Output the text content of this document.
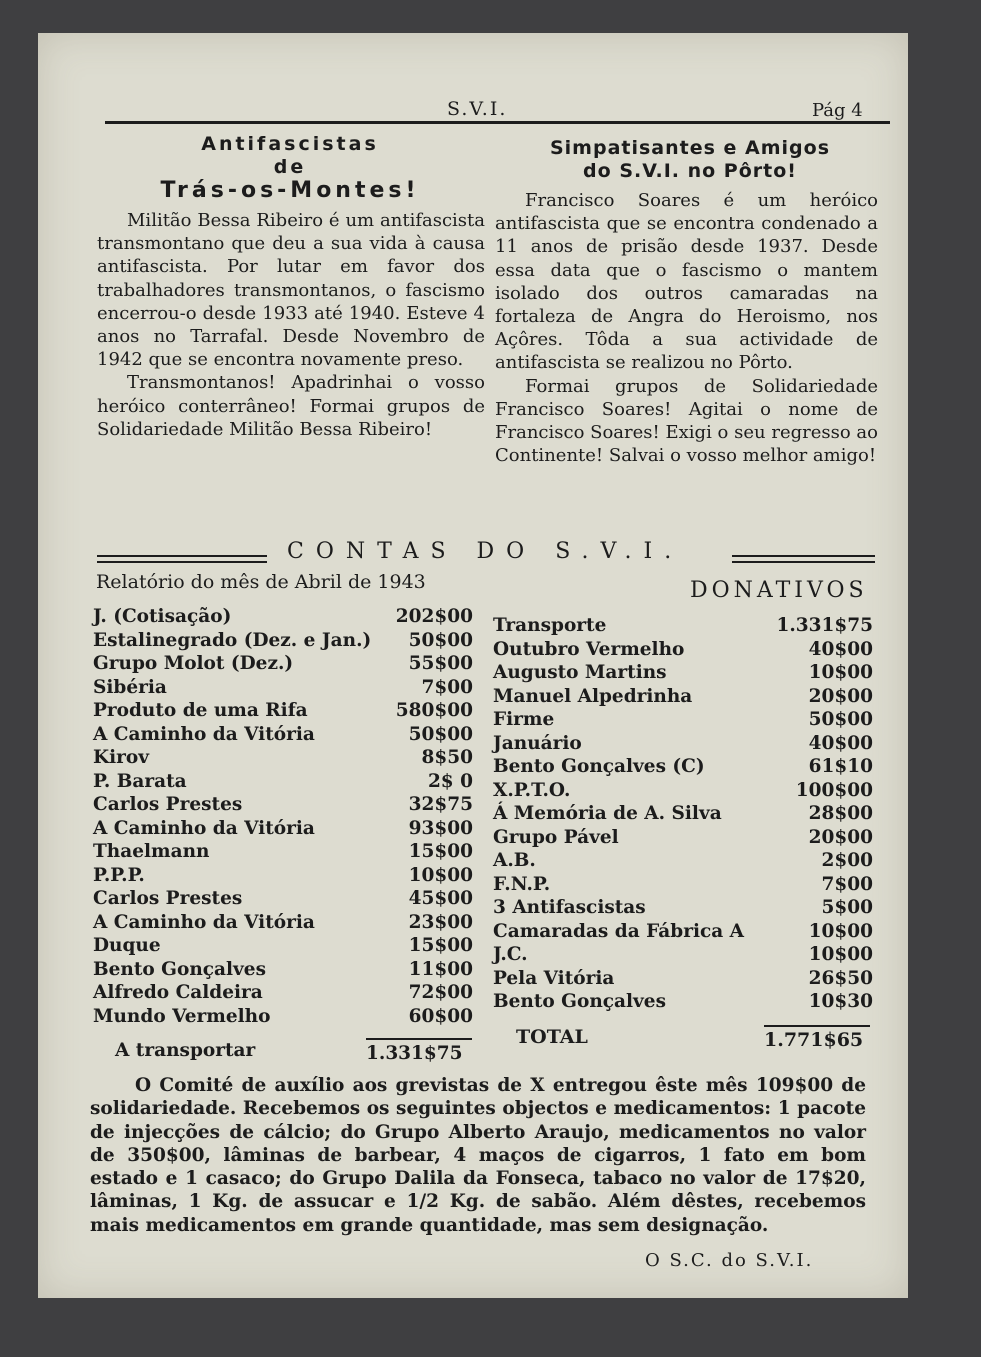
S.V.I.	Pág 4
Antifascistas
de
Trás-os-Montes!

Militão Bessa Ribeiro é um antifascista transmontano que deu a sua vida à causa antifascista. Por lutar em favor dos trabalhadores transmontanos, o fascismo encerrou-o desde 1933 até 1940. Esteve 4 anos no Tarrafal. Desde Novembro de 1942 que se encontra novamente preso.

Transmontanos! Apadrinhai o vosso heróico conterrâneo! Formai grupos de Solidariedade Militão Bessa Ribeiro!

Simpatisantes e Amigos
do S.V.I. no Pôrto!

Francisco Soares é um heróico antifascista que se encontra condenado a 11 anos de prisão desde 1937. Desde essa data que o fascismo o mantem isolado dos outros camaradas na fortaleza de Angra do Heroismo, nos Açôres. Tôda a sua actividade de antifascista se realizou no Pôrto.

Formai grupos de Solidariedade Francisco Soares! Agitai o nome de Francisco Soares! Exigi o seu regresso ao Continente! Salvai o vosso melhor amigo!

CONTAS DO S.V.I.
Relatório do mês de Abril de 1943	DONATIVOS
J. (Cotisação)	202$00
Estalinegrado (Dez. e Jan.) 50$00
Grupo Molot (Dez.)	55$00
Sibéria	7$00
Produto de uma Rifa	580$00
A Caminho da Vitória	50$00
Kirov	8$50
P. Barata	2$ 0
Carlos Prestes	32$75
A Caminho da Vitória	93$00
Thaelmann	15$00
P.P.P.	10$00
Carlos Prestes	45$00
A Caminho da Vitória	23$00
Duque	15$00
Bento Gonçalves	11$00
Alfredo Caldeira	72$00
Mundo Vermelho	60$00
Transporte	1.331$75
Outubro Vermelho	40$00
Augusto Martins	10$00
Manuel Alpedrinha	20$00
Firme	50$00
Januário	40$00
Bento Gonçalves (C)	61$10
X.P.T.O.	100$00
Á Memória de A. Silva	28$00
Grupo Pável	20$00
A.B.	2$00
F.N.P.	7$00
3 Antifascistas	5$00
Camaradas da Fábrica A	10$00
J.C.	10$00
Pela Vitória	26$50
Bento Gonçalves	10$30
A transportar	1.331$75
TOTAL	1.771$65

O Comité de auxílio aos grevistas de X entregou êste mês 109$00 de solidariedade. Recebemos os seguintes objectos e medicamentos: 1 pacote de injecções de cálcio; do Grupo Alberto Araujo, medicamentos no valor de 350$00, lâminas de barbear, 4 maços de cigarros, 1 fato em bom estado e 1 casaco; do Grupo Dalila da Fonseca, tabaco no valor de 17$20, lâminas, 1 Kg. de assucar e 1/2 Kg. de sabão. Além dêstes, recebemos mais medicamentos em grande quantidade, mas sem designação.

O S.C. do S.V.I.
